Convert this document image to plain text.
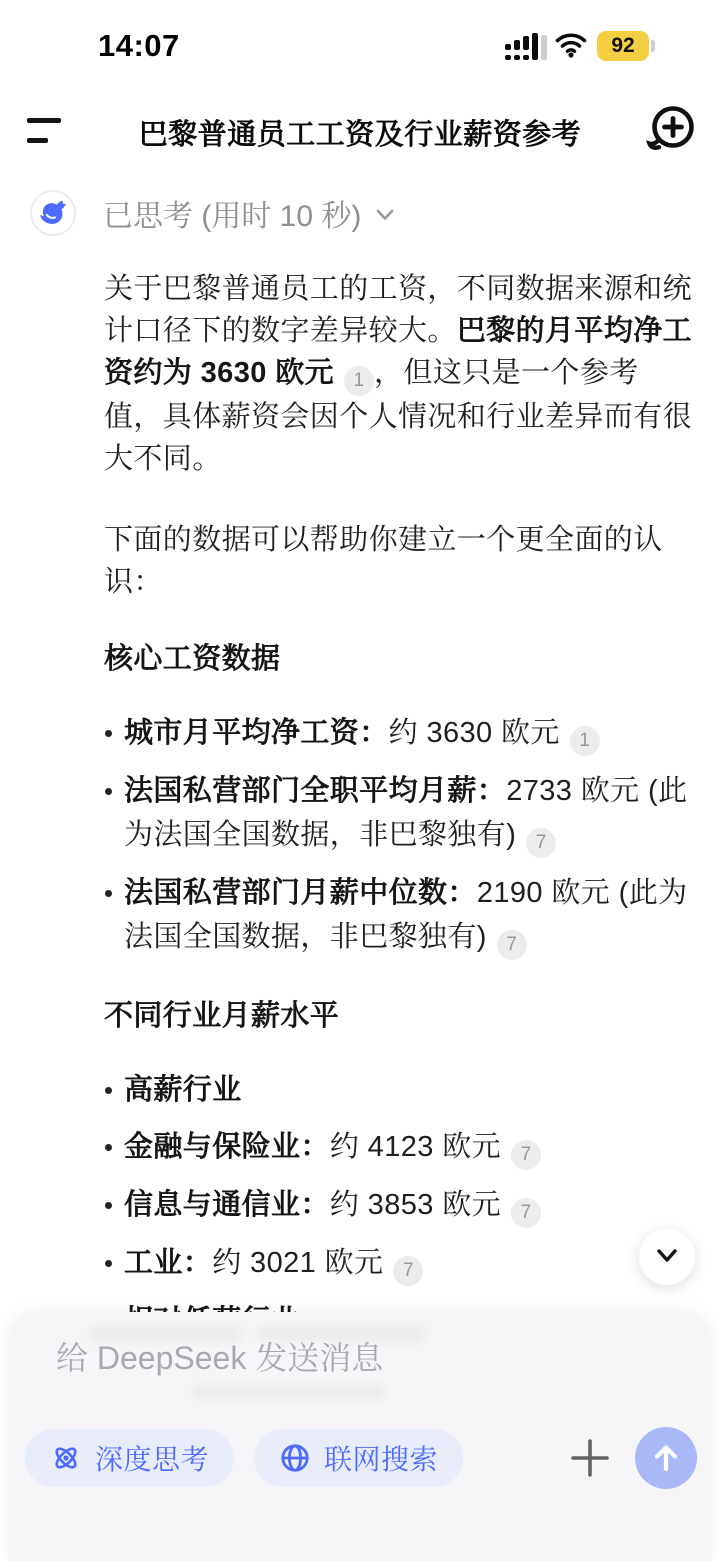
14:07	92
巴黎普通员工工资及行业薪资参考
已思考 (用时 10 秒)

关于巴黎普通员工的工资，不同数据来源和统计口径下的数字差异较大。巴黎的月平均净工资约为 3630 欧元 1 ，但这只是一个参考值，具体薪资会因个人情况和行业差异而有很大不同。

下面的数据可以帮助你建立一个更全面的认识：

核心工资数据
城市月平均净工资：约 3630 欧元 1
法国私营部门全职平均月薪：2733 欧元 (此为法国全国数据，非巴黎独有) 7
法国私营部门月薪中位数：2190 欧元 (此为法国全国数据，非巴黎独有) 7
不同行业月薪水平
高薪行业
金融与保险业：约 4123 欧元 7
信息与通信业：约 3853 欧元 7
工业：约 3021 欧元 7
给 DeepSeek 发送消息
深度思考	联网搜索
